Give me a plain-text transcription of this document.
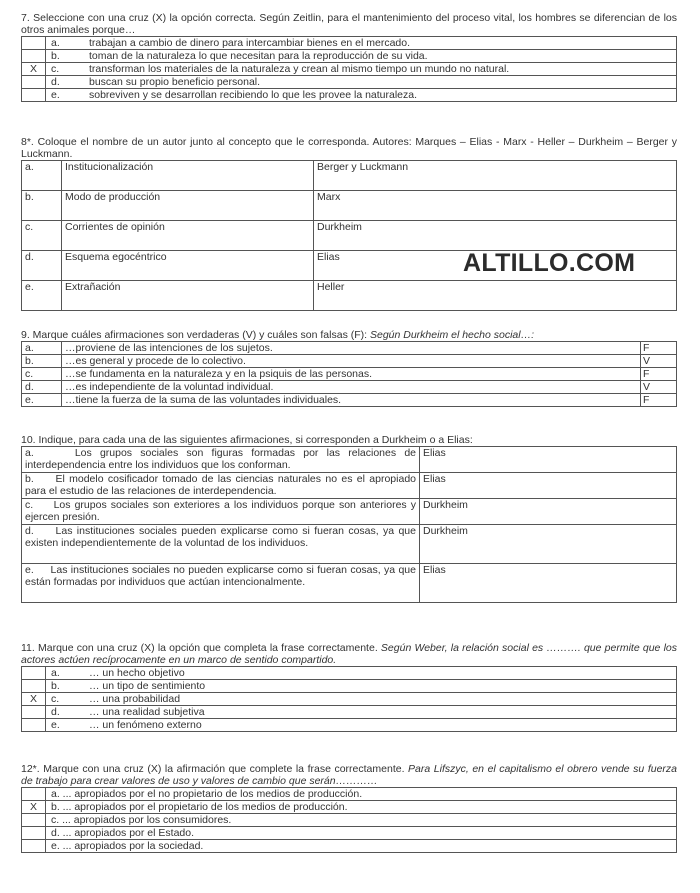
7. Seleccione con una cruz (X) la opción correcta. Según Zeitlin, para el mantenimiento del proceso vital, los hombres se diferencian de los otros animales porque…

	a. trabajan a cambio de dinero para intercambiar bienes en el mercado.
	b. toman de la naturaleza lo que necesitan para la reproducción de su vida.
X	c. transforman los materiales de la naturaleza y crean al mismo tiempo un mundo no natural.
	d. buscan su propio beneficio personal.
	e. sobreviven y se desarrollan recibiendo lo que les provee la naturaleza.

8*. Coloque el nombre de un autor junto al concepto que le corresponda. Autores: Marques – Elias - Marx - Heller – Durkheim – Berger y Luckmann.

a.	Institucionalización	Berger y Luckmann
b.	Modo de producción	Marx
c.	Corrientes de opinión	Durkheim
d.	Esquema egocéntrico	Elias
e.	Extrañación	Heller
ALTILLO.COM

9. Marque cuáles afirmaciones son verdaderas (V) y cuáles son falsas (F): Según Durkheim el hecho social…:

a.	…proviene de las intenciones de los sujetos.	F
b.	…es general y procede de lo colectivo.	V
c.	…se fundamenta en la naturaleza y en la psiquis de las personas.	F
d.	…es independiente de la voluntad individual.	V
e.	…tiene la fuerza de la suma de las voluntades individuales.	F

10. Indique, para cada una de las siguientes afirmaciones, si corresponden a Durkheim o a Elias:

a. Los grupos sociales son figuras formadas por las relaciones de interdependencia entre los individuos que los conforman.	Elias
b. El modelo cosificador tomado de las ciencias naturales no es el apropiado para el estudio de las relaciones de interdependencia.	Elias
c. Los grupos sociales son exteriores a los individuos porque son anteriores y ejercen presión.	Durkheim
d. Las instituciones sociales pueden explicarse como si fueran cosas, ya que existen independientemente de la voluntad de los individuos.	Durkheim
e. Las instituciones sociales no pueden explicarse como si fueran cosas, ya que están formadas por individuos que actúan intencionalmente.	Elias

11. Marque con una cruz (X) la opción que completa la frase correctamente. Según Weber, la relación social es ………. que permite que los actores actúen recíprocamente en un marco de sentido compartido.

	a. … un hecho objetivo
	b. … un tipo de sentimiento
X	c. … una probabilidad
	d. … una realidad subjetiva
	e. … un fenómeno externo

12*. Marque con una cruz (X) la afirmación que complete la frase correctamente. Para Lifszyc, en el capitalismo el obrero vende su fuerza de trabajo para crear valores de uso y valores de cambio que serán…………

	a. ... apropiados por el no propietario de los medios de producción.
X	b. ... apropiados por el propietario de los medios de producción.
	c. ... apropiados por los consumidores.
	d. ... apropiados por el Estado.
	e. ... apropiados por la sociedad.
